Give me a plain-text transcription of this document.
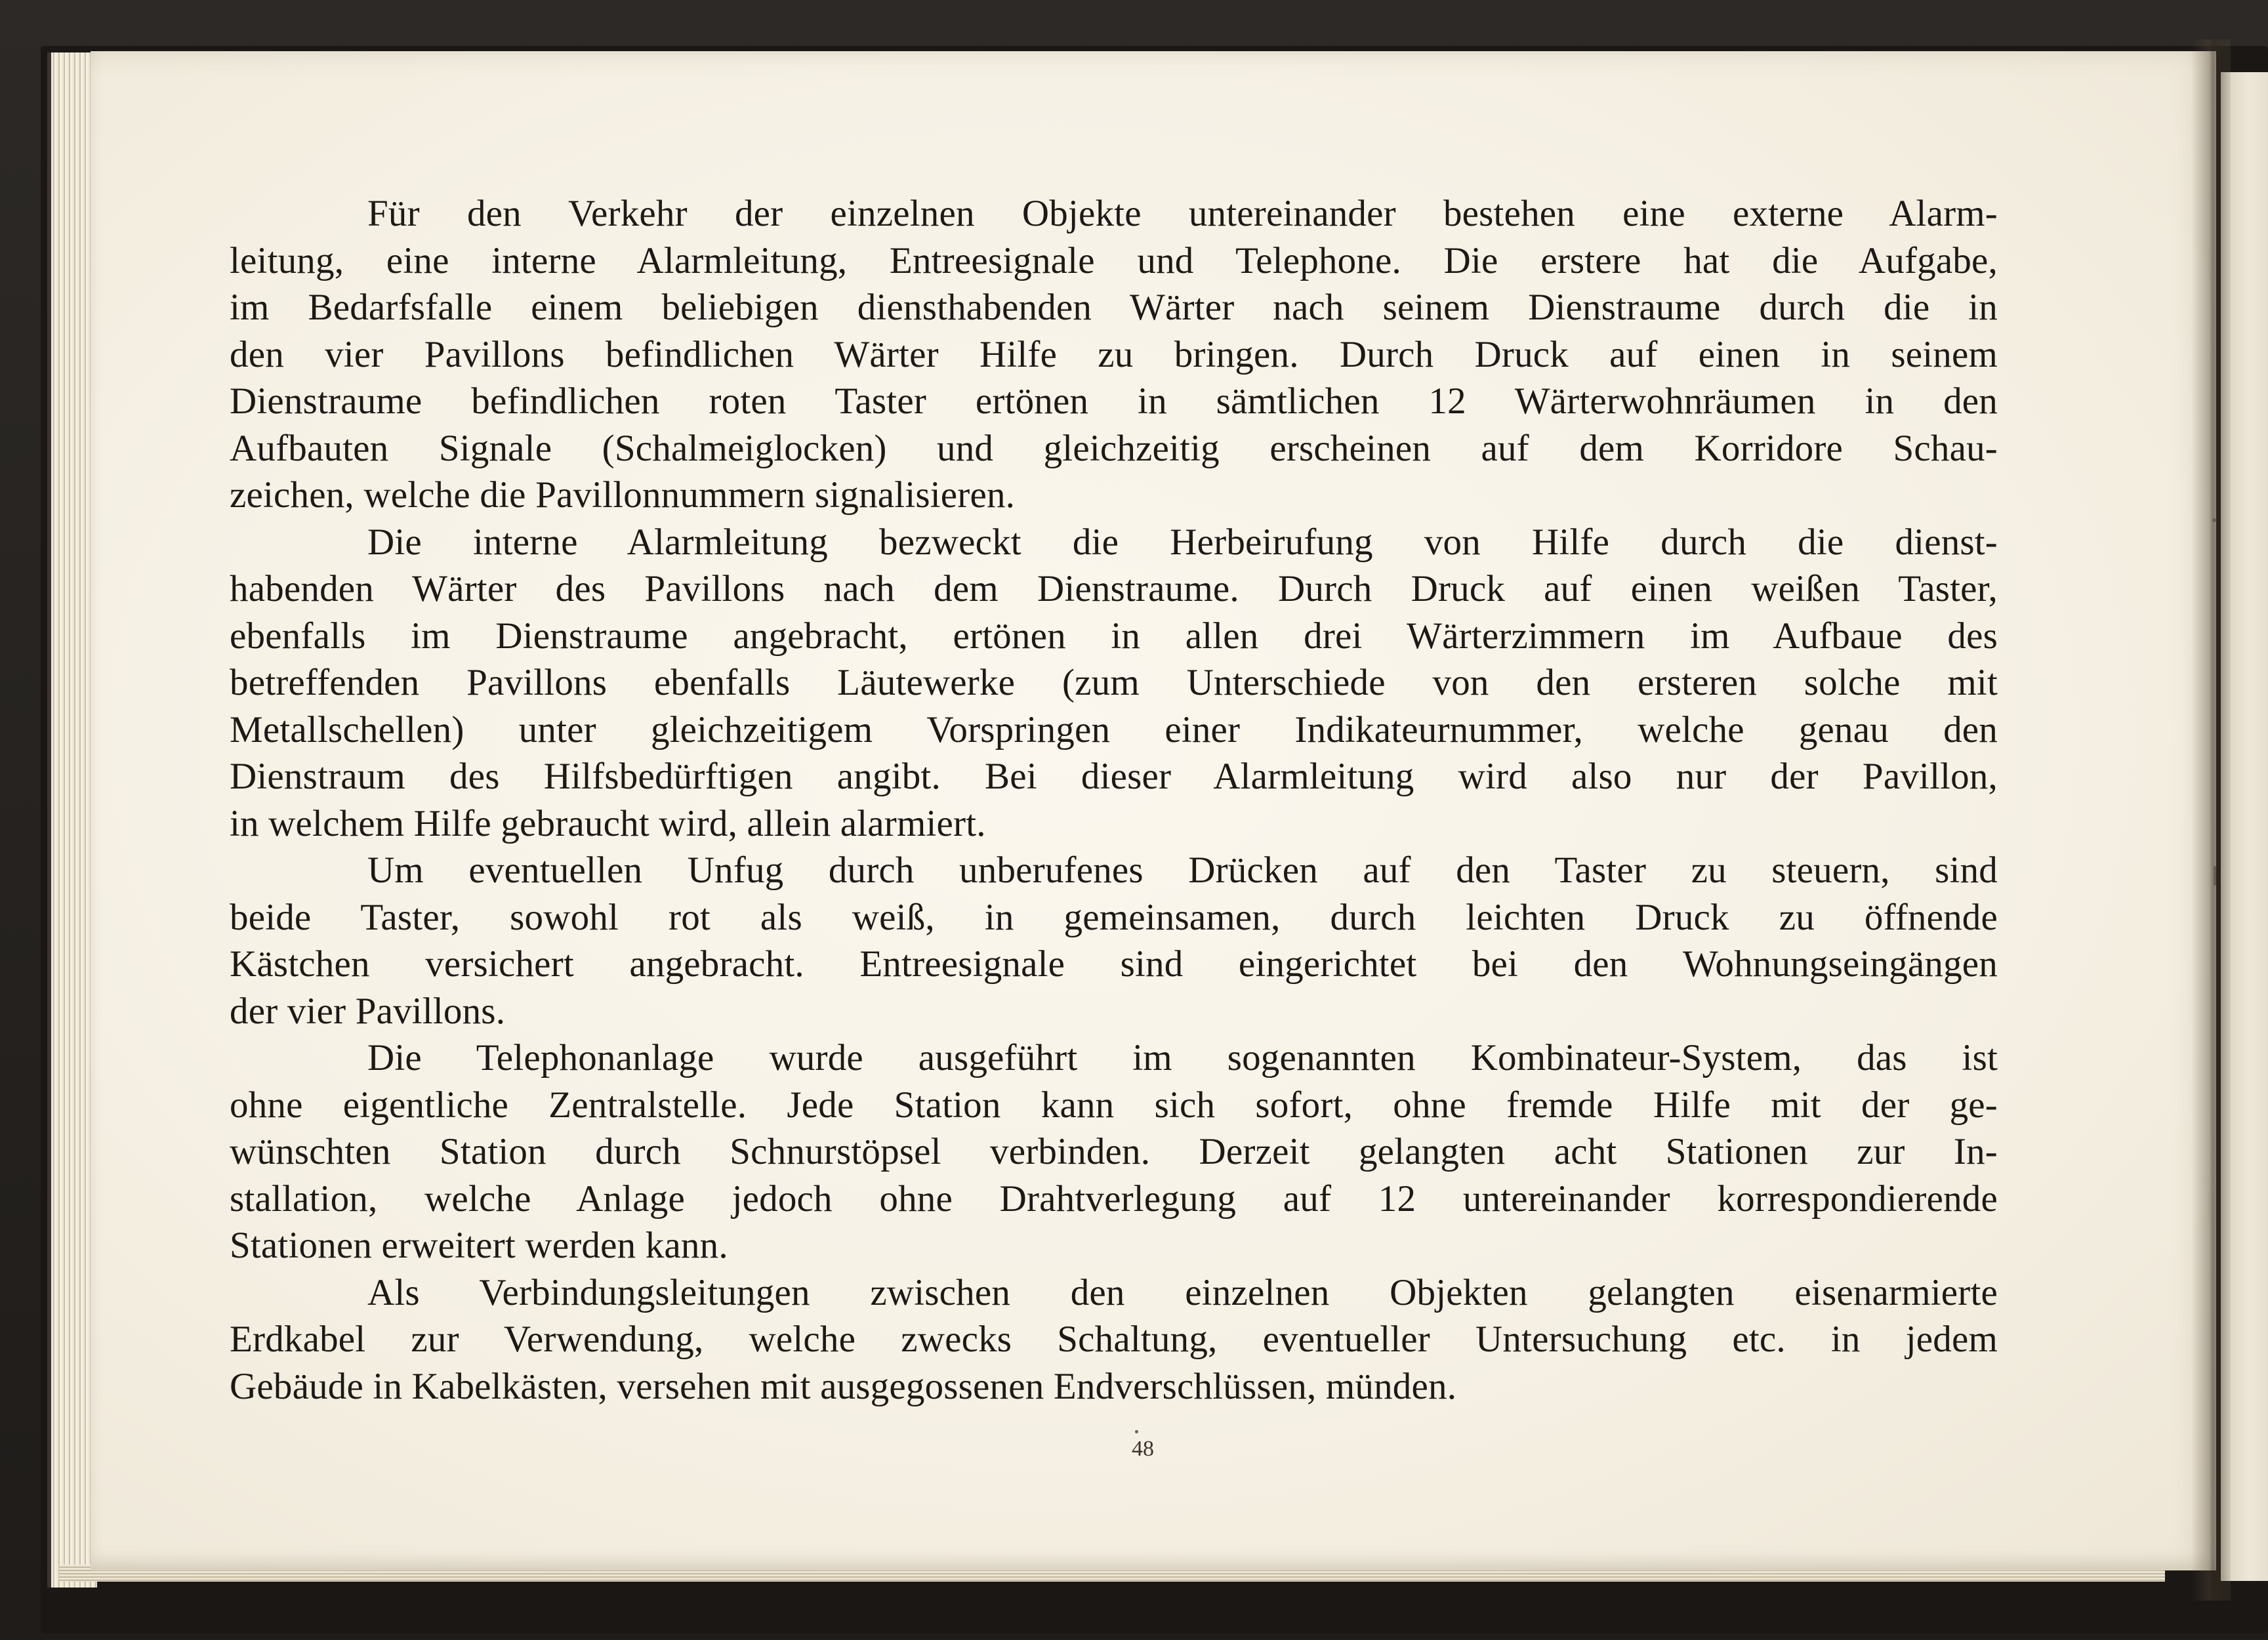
Für den Verkehr der einzelnen Objekte untereinander bestehen eine externe Alarm-
leitung, eine interne Alarmleitung, Entreesignale und Telephone. Die erstere hat die Aufgabe,
im Bedarfsfalle einem beliebigen diensthabenden Wärter nach seinem Dienstraume durch die in
den vier Pavillons befindlichen Wärter Hilfe zu bringen. Durch Druck auf einen in seinem
Dienstraume befindlichen roten Taster ertönen in sämtlichen 12 Wärterwohnräumen in den
Aufbauten Signale (Schalmeiglocken) und gleichzeitig erscheinen auf dem Korridore Schau-
zeichen, welche die Pavillonnummern signalisieren.

Die interne Alarmleitung bezweckt die Herbeirufung von Hilfe durch die dienst-
habenden Wärter des Pavillons nach dem Dienstraume. Durch Druck auf einen weißen Taster,
ebenfalls im Dienstraume angebracht, ertönen in allen drei Wärterzimmern im Aufbaue des
betreffenden Pavillons ebenfalls Läutewerke (zum Unterschiede von den ersteren solche mit
Metallschellen) unter gleichzeitigem Vorspringen einer Indikateurnummer, welche genau den
Dienstraum des Hilfsbedürftigen angibt. Bei dieser Alarmleitung wird also nur der Pavillon,
in welchem Hilfe gebraucht wird, allein alarmiert.

Um eventuellen Unfug durch unberufenes Drücken auf den Taster zu steuern, sind
beide Taster, sowohl rot als weiß, in gemeinsamen, durch leichten Druck zu öffnende
Kästchen versichert angebracht. Entreesignale sind eingerichtet bei den Wohnungseingängen
der vier Pavillons.

Die Telephonanlage wurde ausgeführt im sogenannten Kombinateur-System, das ist
ohne eigentliche Zentralstelle. Jede Station kann sich sofort, ohne fremde Hilfe mit der ge-
wünschten Station durch Schnurstöpsel verbinden. Derzeit gelangten acht Stationen zur In-
stallation, welche Anlage jedoch ohne Drahtverlegung auf 12 untereinander korrespondierende
Stationen erweitert werden kann.

Als Verbindungsleitungen zwischen den einzelnen Objekten gelangten eisenarmierte
Erdkabel zur Verwendung, welche zwecks Schaltung, eventueller Untersuchung etc. in jedem
Gebäude in Kabelkästen, versehen mit ausgegossenen Endverschlüssen, münden.

48
